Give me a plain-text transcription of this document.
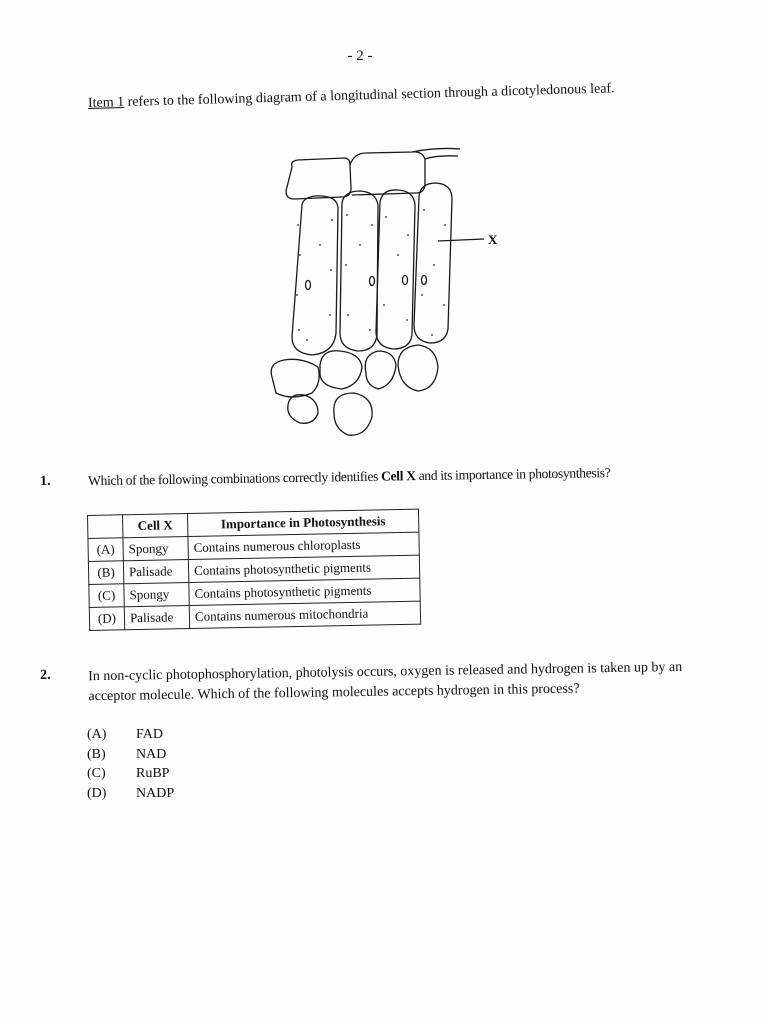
- 2 -
Item 1 refers to the following diagram of a longitudinal section through a dicotyledonous leaf.
X
1.	Which of the following combinations correctly identifies Cell X and its importance in photosynthesis?
	Cell X	Importance in Photosynthesis
(A)	Spongy	Contains numerous chloroplasts
(B)	Palisade	Contains photosynthetic pigments
(C)	Spongy	Contains photosynthetic pigments
(D)	Palisade	Contains numerous mitochondria
2.	In non-cyclic photophosphorylation, photolysis occurs, oxygen is released and hydrogen is taken up by an acceptor molecule. Which of the following molecules accepts hydrogen in this process?
(A)	FAD
(B)	NAD
(C)	RuBP
(D)	NADP
